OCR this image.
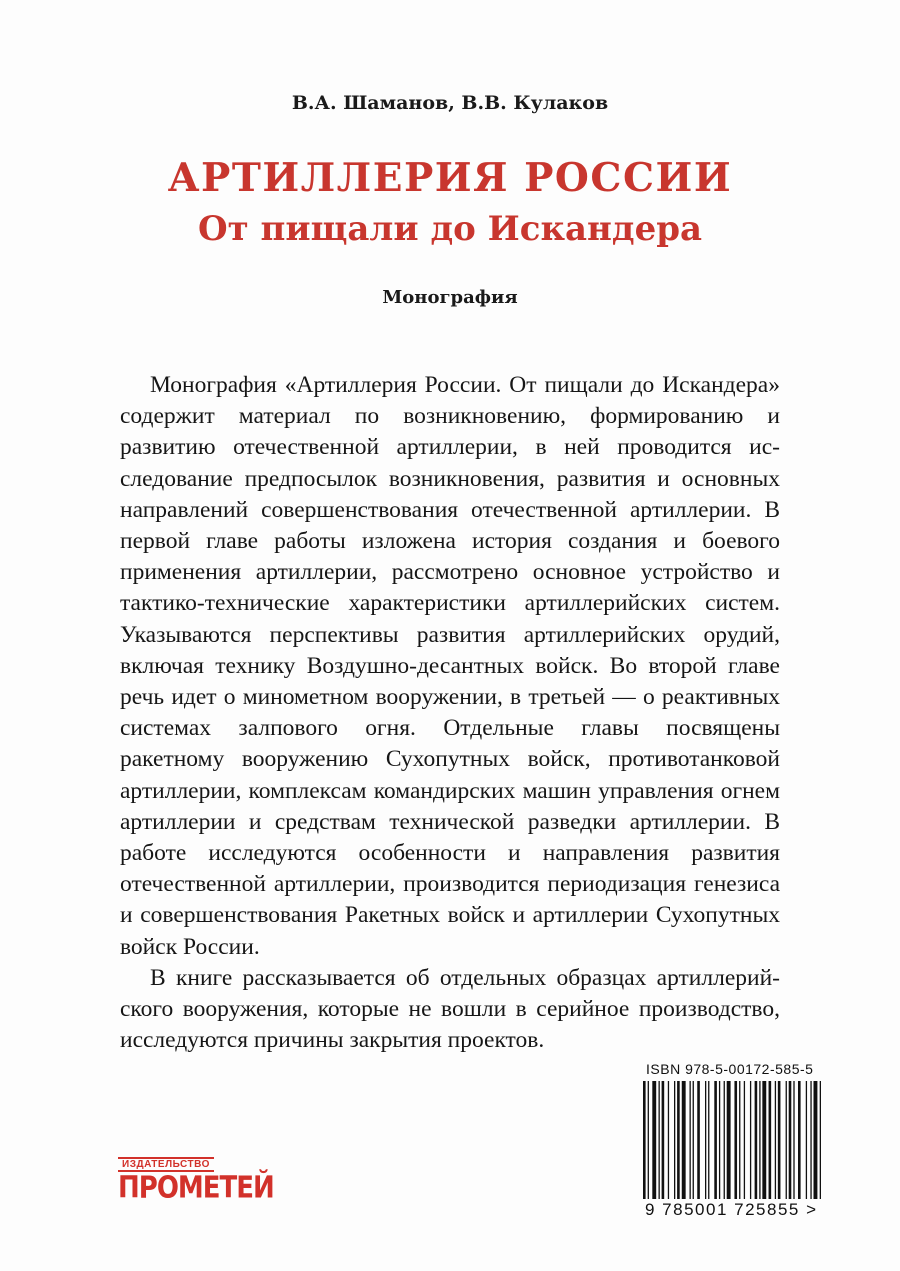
В.А. Шаманов, В.В. Кулаков
АРТИЛЛЕРИЯ РОССИИ
От пищали до Искандера
Монография

Монография «Артиллерия России. От пищали до Искандера» содержит материал по возникновению, формированию и развитию отечественной артиллерии, в ней проводится исследование предпосылок возникновения, развития и основных направлений совершенствования отечественной артиллерии. В первой главе работы изложена история создания и боевого применения артиллерии, рассмотрено основное устройство и тактико-технические характеристики артиллерийских систем. Указываются перспективы развития артиллерийских орудий, включая технику Воздушно-десантных войск. Во второй главе речь идет о минометном вооружении, в третьей — о реактивных системах залпового огня. Отдельные главы посвящены ракетному вооружению Сухопутных войск, противотанковой артиллерии, комплексам командирских машин управления огнем артиллерии и средствам технической разведки артиллерии. В работе исследуются особенности и направления развития отечественной артиллерии, производится периодизация генезиса и совершенствования Ракетных войск и артиллерии Сухопутных войск России.

В книге рассказывается об отдельных образцах артиллерийского вооружения, которые не вошли в серийное производство, исследуются причины закрытия проектов.

ИЗДАТЕЛЬСТВО
ПРОМЕТЕЙ
ISBN 978-5-00172-585-5
9 785001 725855 >
